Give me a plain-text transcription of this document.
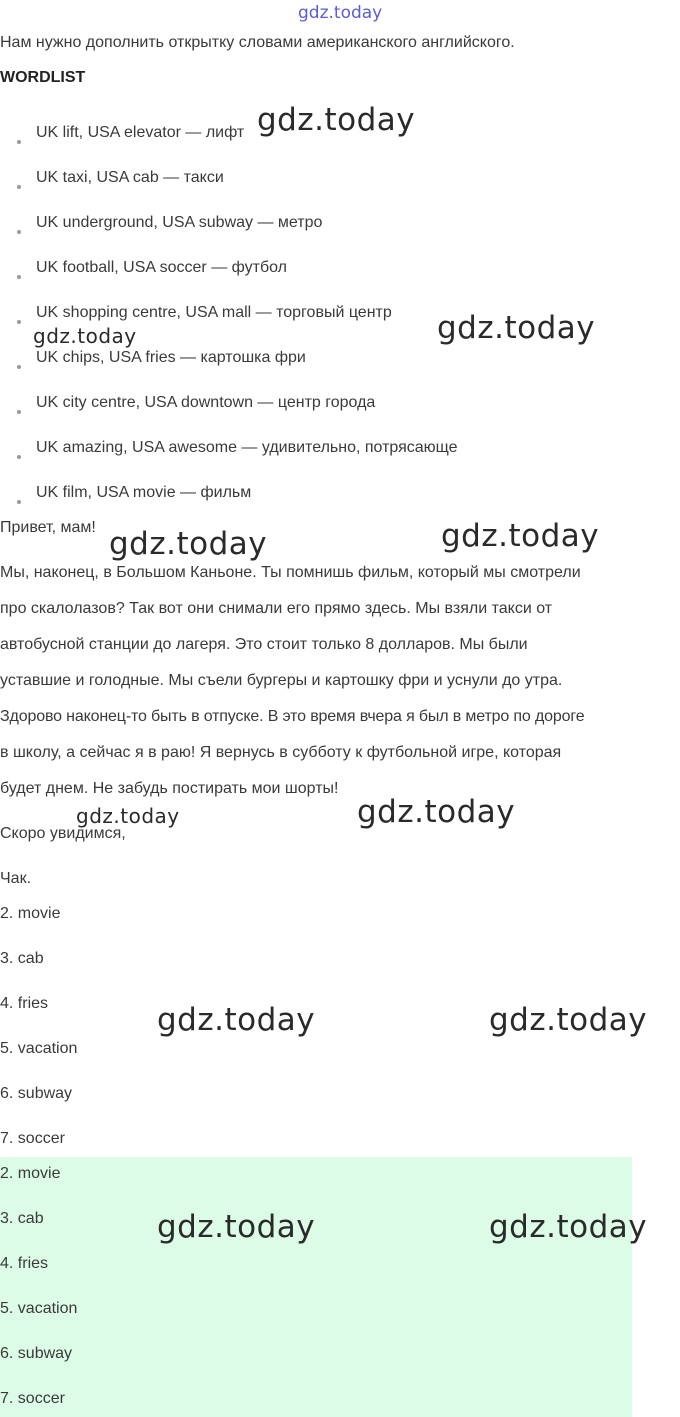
gdz.today
Нам нужно дополнить открытку словами американского английского.
WORDLIST
UK lift, USA elevator — лифт
UK taxi, USA cab — такси
UK underground, USA subway — метро
UK football, USA soccer — футбол
UK shopping centre, USA mall — торговый центр
UK chips, USA fries — картошка фри
UK city centre, USA downtown — центр города
UK amazing, USA awesome — удивительно, потрясающе
UK film, USA movie — фильм
Привет, мам!
Мы, наконец, в Большом Каньоне. Ты помнишь фильм, который мы смотрели
про скалолазов? Так вот они снимали его прямо здесь. Мы взяли такси от
автобусной станции до лагеря. Это стоит только 8 долларов. Мы были
уставшие и голодные. Мы съели бургеры и картошку фри и уснули до утра.
Здорово наконец-то быть в отпуске. В это время вчера я был в метро по дороге
в школу, а сейчас я в раю! Я вернусь в субботу к футбольной игре, которая
будет днем. Не забудь постирать мои шорты!
Скоро увидимся,
Чак.
2. movie
3. cab
4. fries
5. vacation
6. subway
7. soccer
2. movie
3. cab
4. fries
5. vacation
6. subway
7. soccer
gdz.today
gdz.today	gdz.today
gdz.today	gdz.today
gdz.today	gdz.today
gdz.today	gdz.today
gdz.today	gdz.today
